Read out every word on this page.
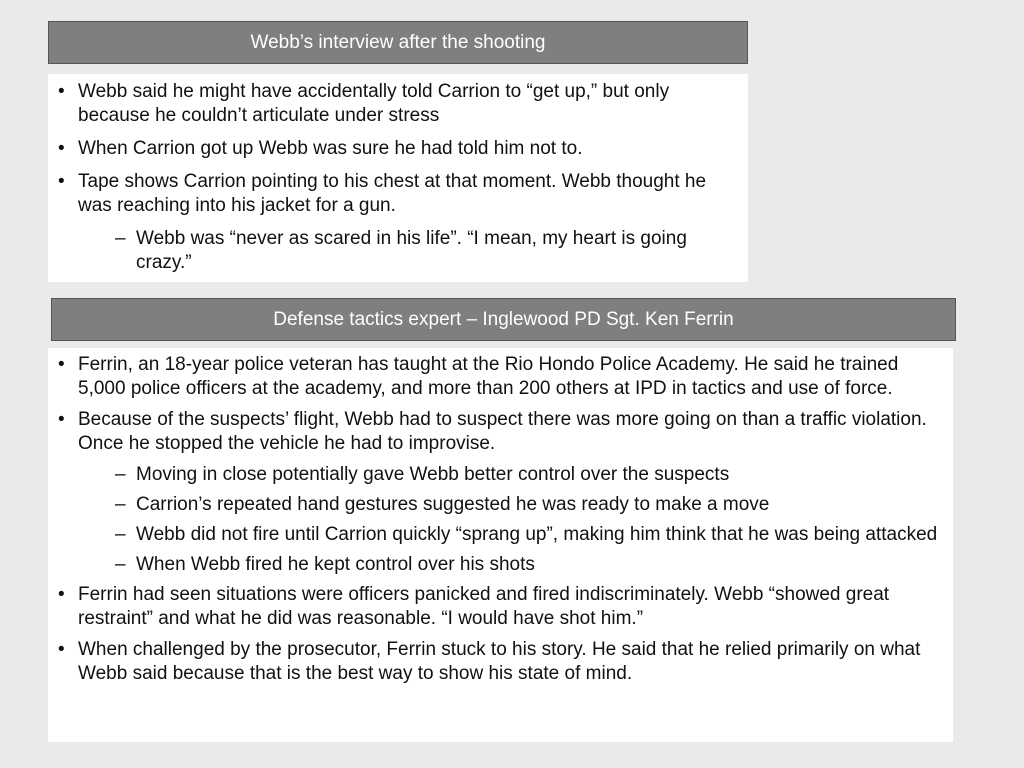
Webb’s interview after the shooting
• Webb said he might have accidentally told Carrion to “get up,” but only because he couldn’t articulate under stress
• When Carrion got up Webb was sure he had told him not to.
• Tape shows Carrion pointing to his chest at that moment. Webb thought he was reaching into his jacket for a gun.
– Webb was “never as scared in his life”. “I mean, my heart is going crazy.”
Defense tactics expert – Inglewood PD Sgt. Ken Ferrin
• Ferrin, an 18-year police veteran has taught at the Rio Hondo Police Academy. He said he trained 5,000 police officers at the academy, and more than 200 others at IPD in tactics and use of force.
• Because of the suspects’ flight, Webb had to suspect there was more going on than a traffic violation. Once he stopped the vehicle he had to improvise.
– Moving in close potentially gave Webb better control over the suspects
– Carrion’s repeated hand gestures suggested he was ready to make a move
– Webb did not fire until Carrion quickly “sprang up”, making him think that he was being attacked
– When Webb fired he kept control over his shots
• Ferrin had seen situations were officers panicked and fired indiscriminately. Webb “showed great restraint” and what he did was reasonable. “I would have shot him.”
• When challenged by the prosecutor, Ferrin stuck to his story. He said that he relied primarily on what Webb said because that is the best way to show his state of mind.
